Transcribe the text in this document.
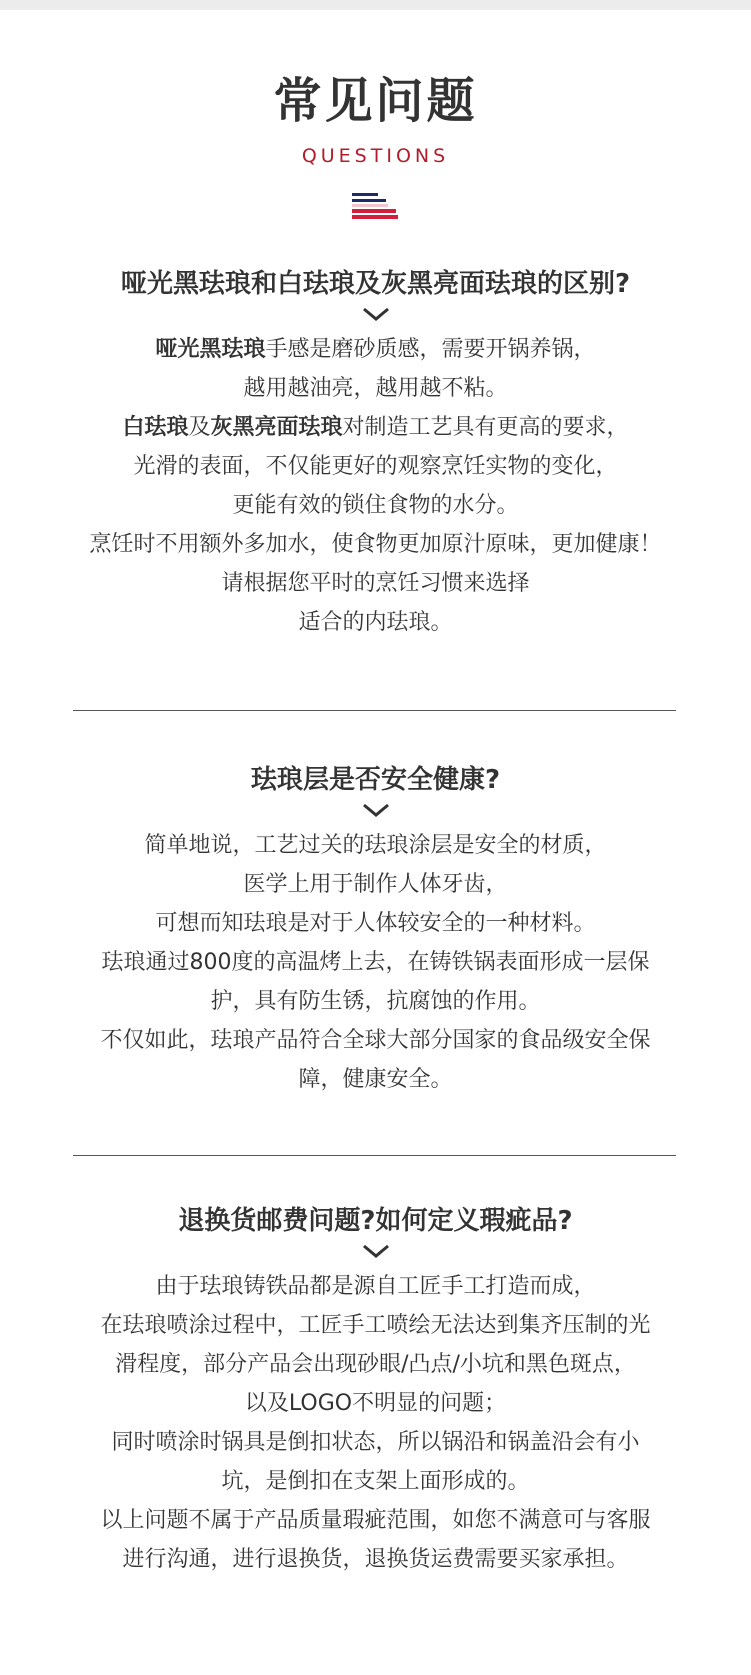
常见问题
QUESTIONS
哑光黑珐琅和白珐琅及灰黑亮面珐琅的区别?
哑光黑珐琅手感是磨砂质感，需要开锅养锅，
越用越油亮，越用越不粘。
白珐琅及灰黑亮面珐琅对制造工艺具有更高的要求，
光滑的表面，不仅能更好的观察烹饪实物的变化，
更能有效的锁住食物的水分。
烹饪时不用额外多加水，使食物更加原汁原味，更加健康！
请根据您平时的烹饪习惯来选择
适合的内珐琅。
珐琅层是否安全健康?
简单地说，工艺过关的珐琅涂层是安全的材质，
医学上用于制作人体牙齿，
可想而知珐琅是对于人体较安全的一种材料。
珐琅通过800度的高温烤上去，在铸铁锅表面形成一层保
护，具有防生锈，抗腐蚀的作用。
不仅如此，珐琅产品符合全球大部分国家的食品级安全保
障，健康安全。
退换货邮费问题?如何定义瑕疵品?
由于珐琅铸铁品都是源自工匠手工打造而成，
在珐琅喷涂过程中，工匠手工喷绘无法达到集齐压制的光
滑程度，部分产品会出现砂眼/凸点/小坑和黑色斑点，
以及LOGO不明显的问题；
同时喷涂时锅具是倒扣状态，所以锅沿和锅盖沿会有小
坑，是倒扣在支架上面形成的。
以上问题不属于产品质量瑕疵范围，如您不满意可与客服
进行沟通，进行退换货，退换货运费需要买家承担。
